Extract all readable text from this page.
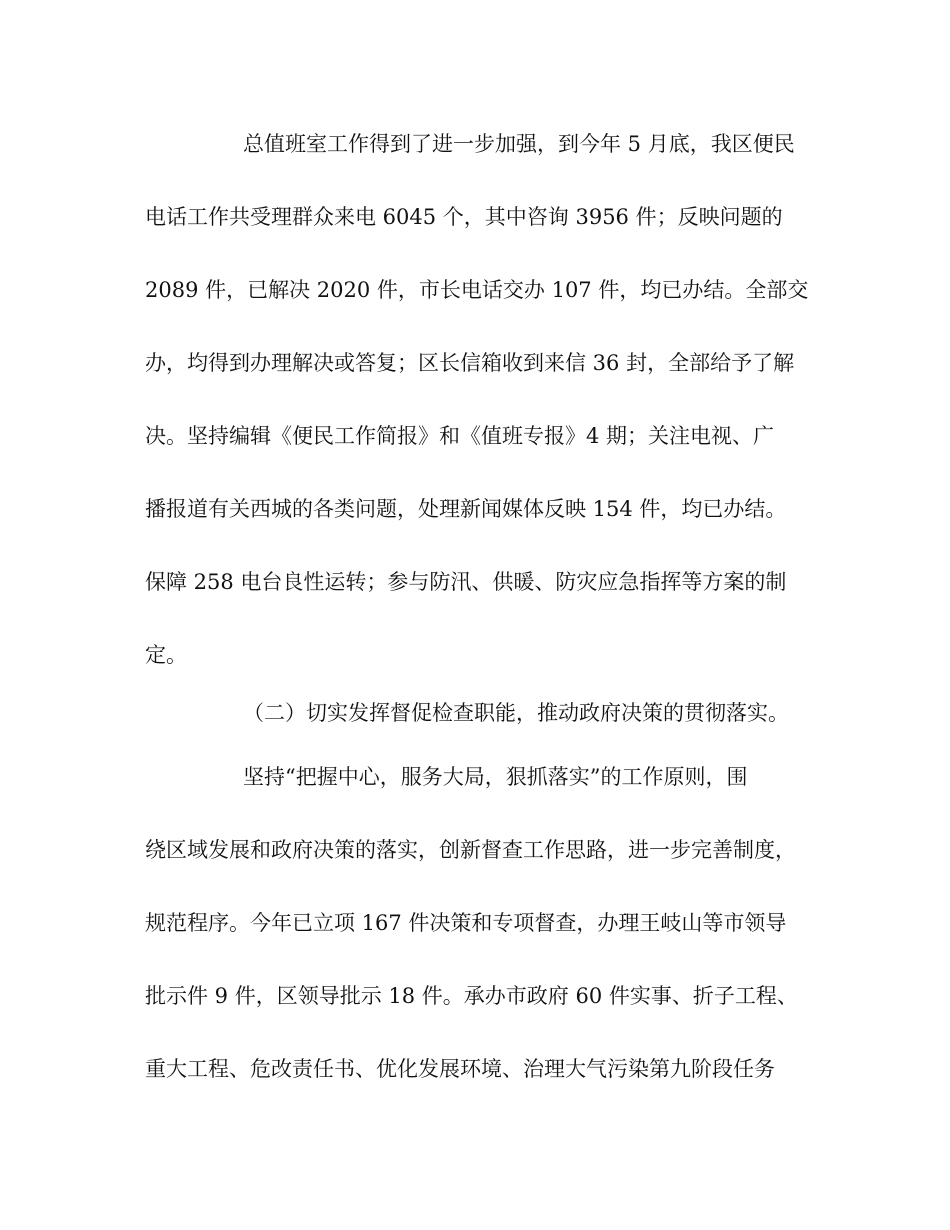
总值班室工作得到了进一步加强，到今年 5 月底，我区便民
电话工作共受理群众来电 6045 个，其中咨询 3956 件；反映问题的
2089 件，已解决 2020 件，市长电话交办 107 件，均已办结。全部交
办，均得到办理解决或答复；区长信箱收到来信 36 封，全部给予了解
决。坚持编辑《便民工作简报》和《值班专报》4 期；关注电视、广
播报道有关西城的各类问题，处理新闻媒体反映 154 件，均已办结。
保障 258 电台良性运转；参与防汛、供暖、防灾应急指挥等方案的制
定。
（二）切实发挥督促检查职能，推动政府决策的贯彻落实。
坚持“把握中心，服务大局，狠抓落实”的工作原则，围
绕区域发展和政府决策的落实，创新督查工作思路，进一步完善制度，
规范程序。今年已立项 167 件决策和专项督查，办理王岐山等市领导
批示件 9 件，区领导批示 18 件。承办市政府 60 件实事、折子工程、
重大工程、危改责任书、优化发展环境、治理大气污染第九阶段任务
